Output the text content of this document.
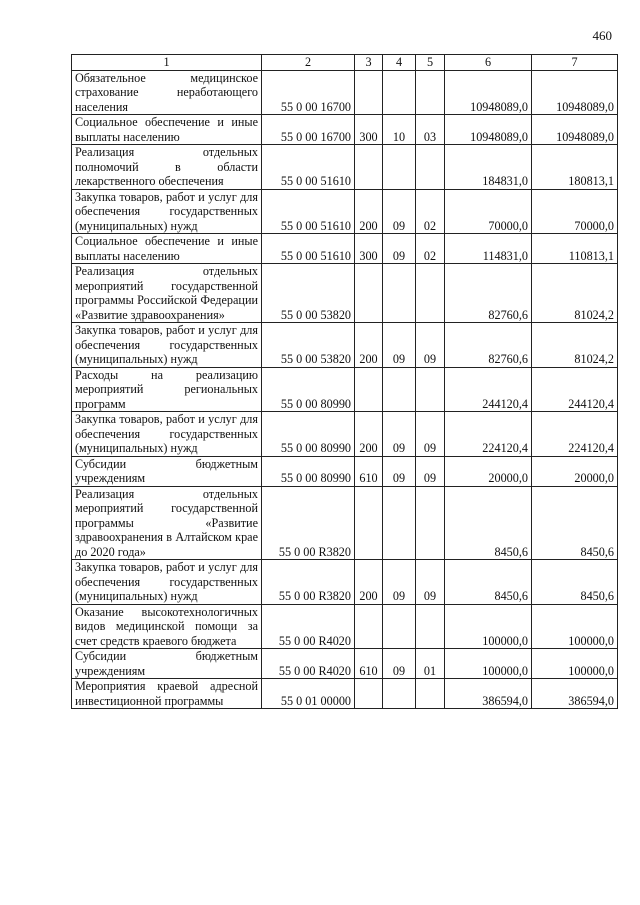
460
1	2	3	4	5	6	7
Обязательное медицинское страхование неработающего населения	55 0 00 16700				10948089,0	10948089,0
Социальное обеспечение и иные выплаты населению	55 0 00 16700	300	10	03	10948089,0	10948089,0
Реализация отдельных полномочий в области лекарственного обеспечения	55 0 00 51610				184831,0	180813,1
Закупка товаров, работ и услуг для обеспечения государственных (муниципальных) нужд	55 0 00 51610	200	09	02	70000,0	70000,0
Социальное обеспечение и иные выплаты населению	55 0 00 51610	300	09	02	114831,0	110813,1
Реализация отдельных мероприятий государственной программы Российской Федерации «Развитие здравоохранения»	55 0 00 53820				82760,6	81024,2
Закупка товаров, работ и услуг для обеспечения государственных (муниципальных) нужд	55 0 00 53820	200	09	09	82760,6	81024,2
Расходы на реализацию мероприятий региональных программ	55 0 00 80990				244120,4	244120,4
Закупка товаров, работ и услуг для обеспечения государственных (муниципальных) нужд	55 0 00 80990	200	09	09	224120,4	224120,4
Субсидии бюджетным учреждениям	55 0 00 80990	610	09	09	20000,0	20000,0
Реализация отдельных мероприятий государственной программы «Развитие здравоохранения в Алтайском крае до 2020 года»	55 0 00 R3820				8450,6	8450,6
Закупка товаров, работ и услуг для обеспечения государственных (муниципальных) нужд	55 0 00 R3820	200	09	09	8450,6	8450,6
Оказание высокотехнологичных видов медицинской помощи за счет средств краевого бюджета	55 0 00 R4020				100000,0	100000,0
Субсидии бюджетным учреждениям	55 0 00 R4020	610	09	01	100000,0	100000,0
Мероприятия краевой адресной инвестиционной программы	55 0 01 00000				386594,0	386594,0
